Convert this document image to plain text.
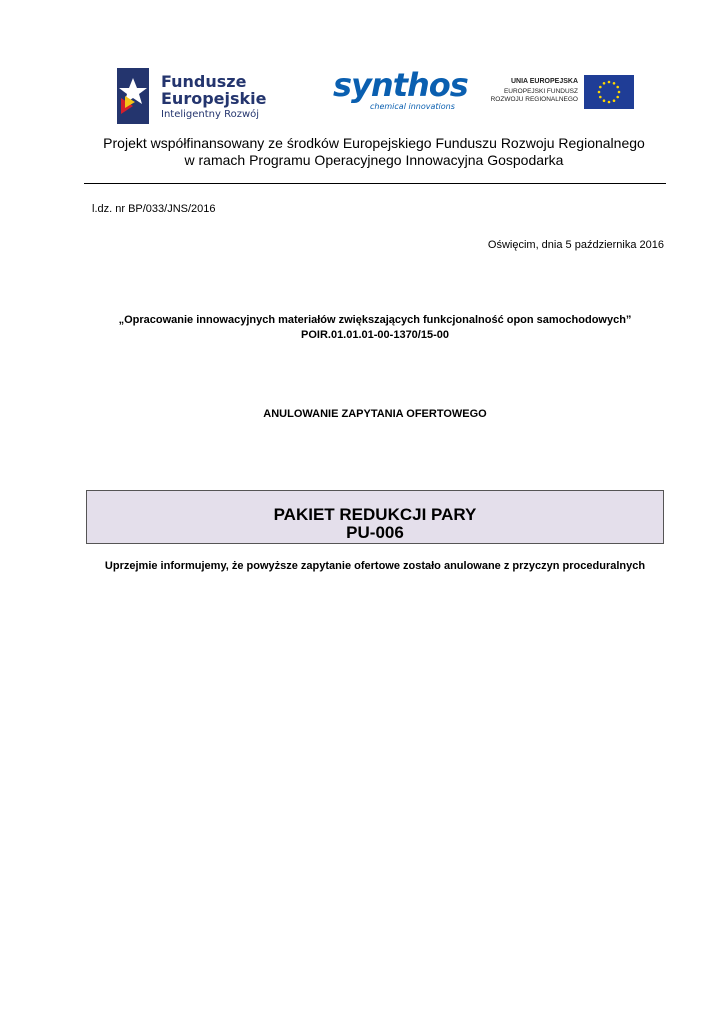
Fundusze
Europejskie
Inteligentny Rozwój
synthos
chemical innovations
UNIA EUROPEJSKA
EUROPEJSKI FUNDUSZ
ROZWOJU REGIONALNEGO
Projekt współfinansowany ze środków Europejskiego Funduszu Rozwoju Regionalnego
w ramach Programu Operacyjnego Innowacyjna Gospodarka
l.dz. nr BP/033/JNS/2016
Oświęcim, dnia 5 października 2016
„Opracowanie innowacyjnych materiałów zwiększających funkcjonalność opon samochodowych”
POIR.01.01.01-00-1370/15-00
ANULOWANIE ZAPYTANIA OFERTOWEGO
PAKIET REDUKCJI PARY
PU-006
Uprzejmie informujemy, że powyższe zapytanie ofertowe zostało anulowane z przyczyn proceduralnych
